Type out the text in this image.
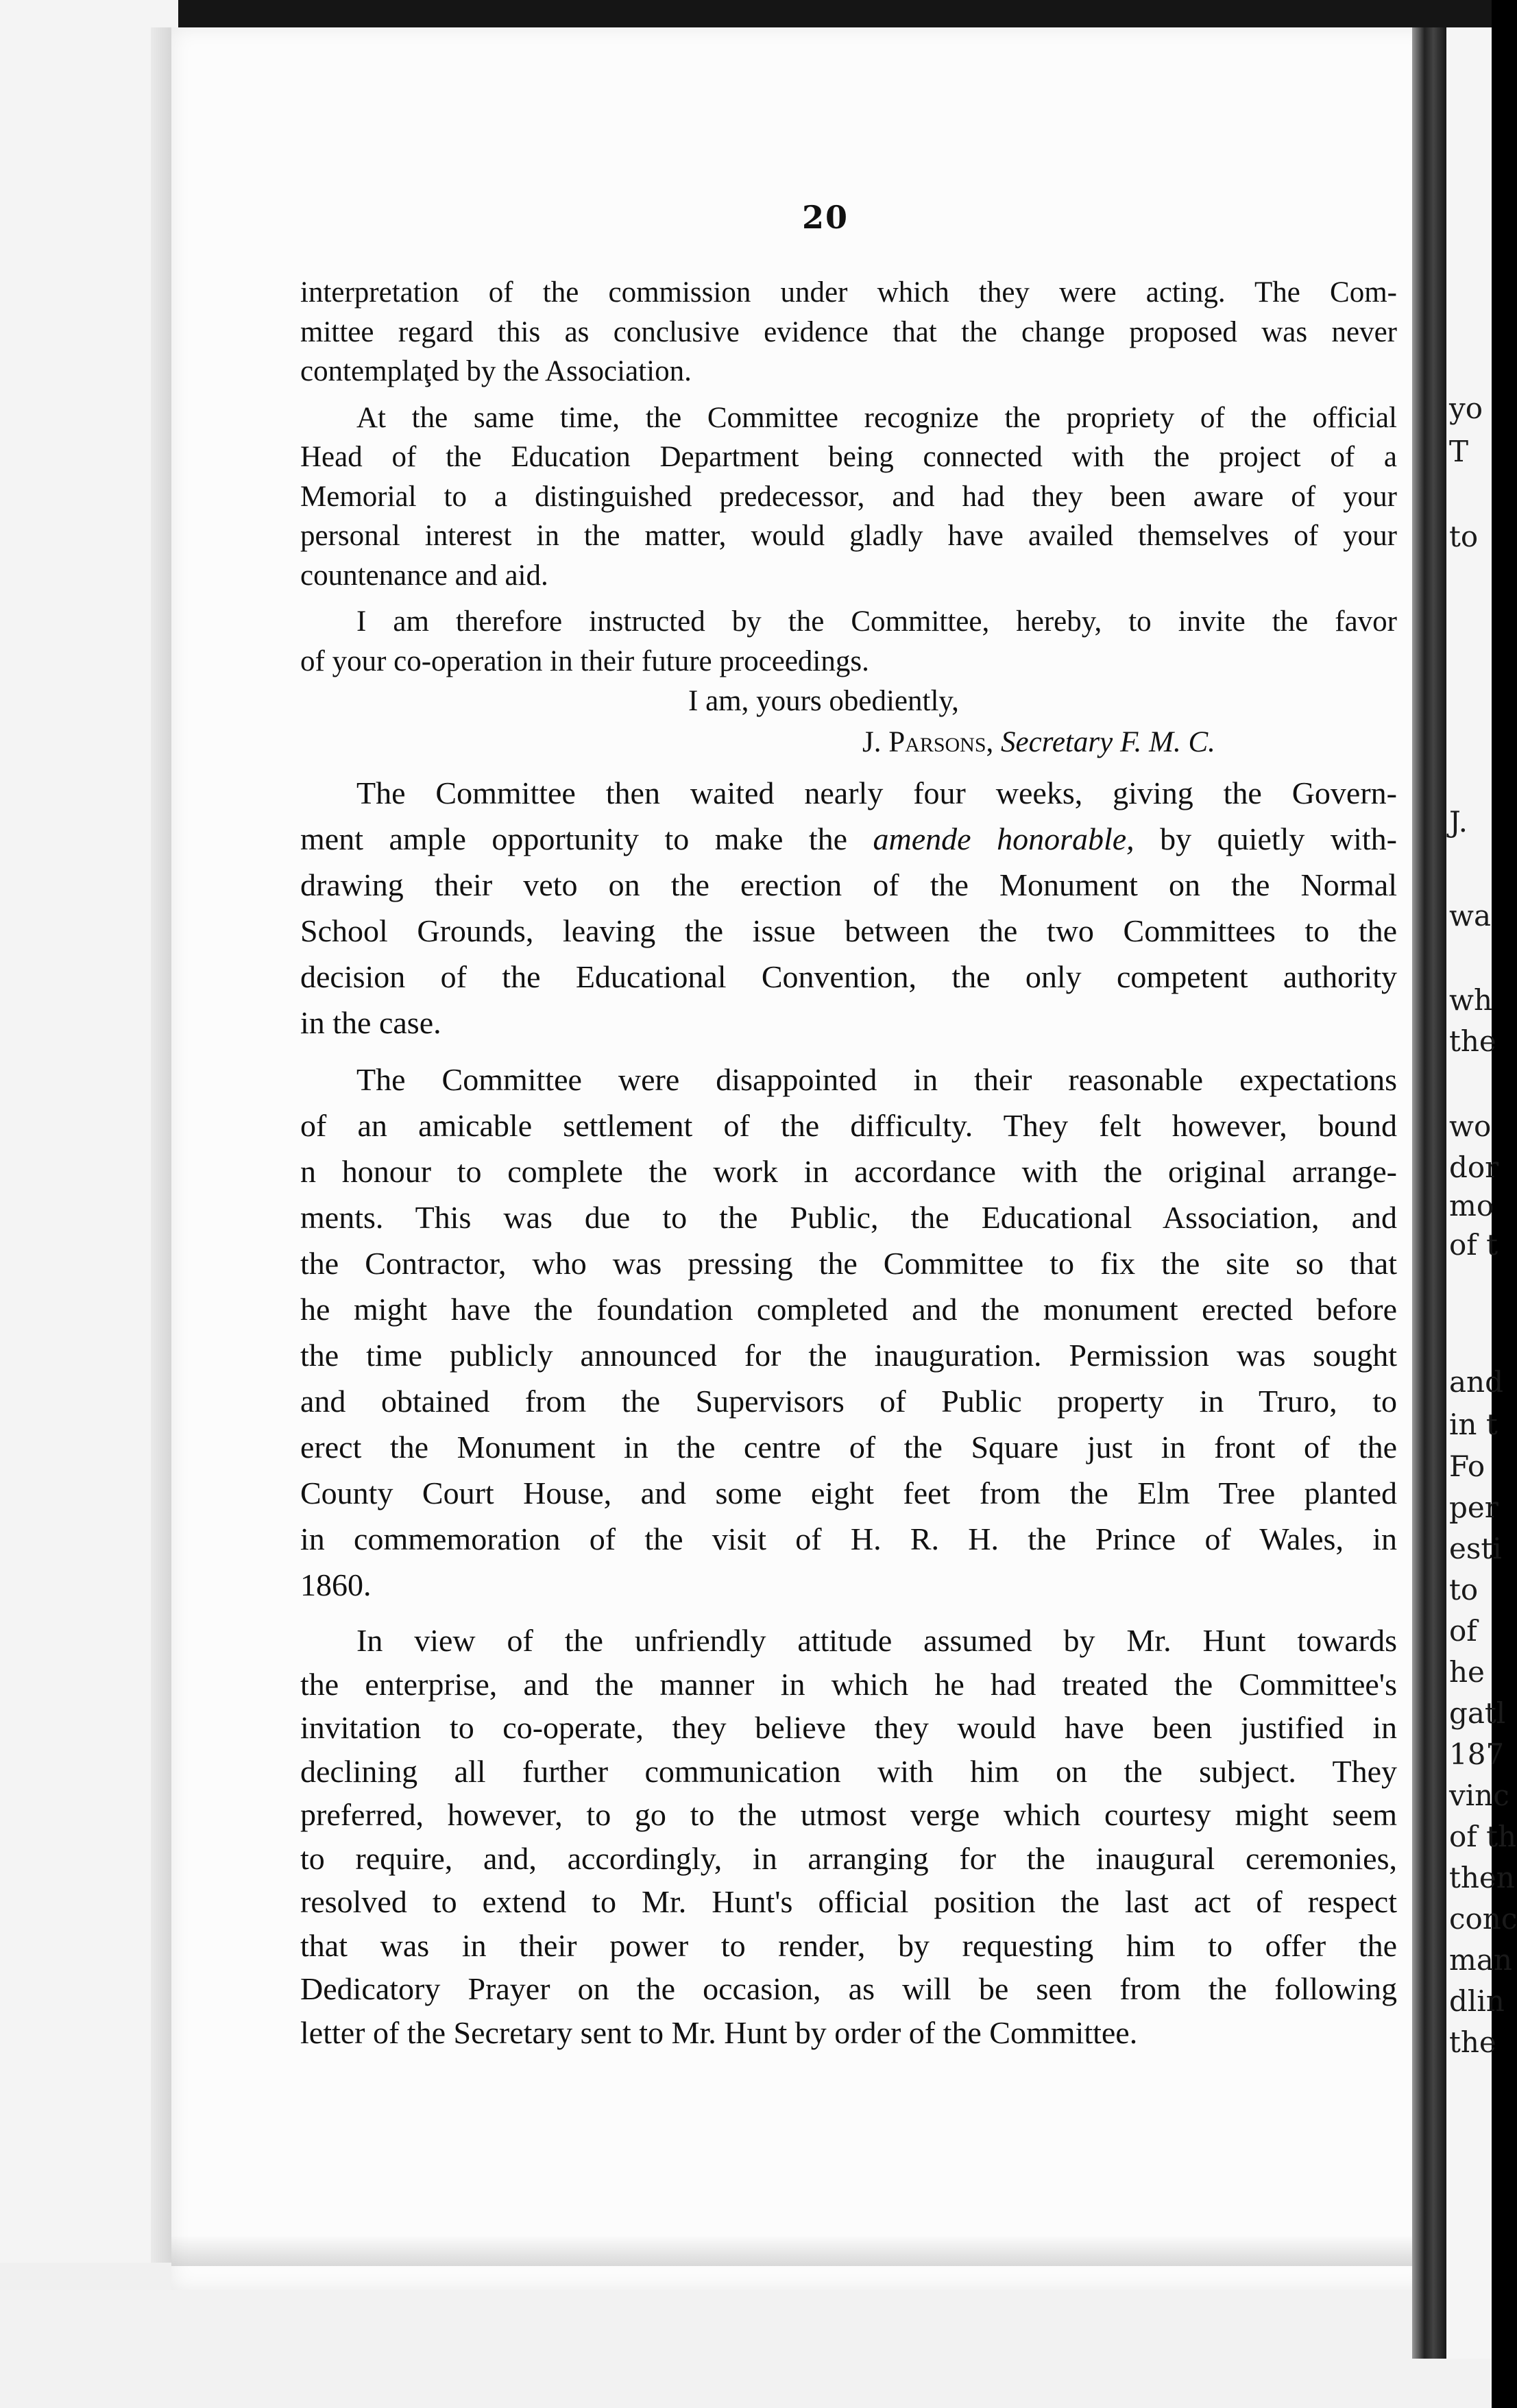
yo
T
to
J.
wa
wh
the
wo
dor
mo
of t
and
in t
Fo
per
esti
to
of
he
gatl
187
vinc
of th
then
conc
man
dlin
the
20
interpretation of the commission under which they were acting. The Com-
mittee regard this as conclusive evidence that the change proposed was never
contemplaţed by the Association.
At the same time, the Committee recognize the propriety of the official
Head of the Education Department being connected with the project of a
Memorial to a distinguished predecessor, and had they been aware of your
personal interest in the matter, would gladly have availed themselves of your
countenance and aid.
I am therefore instructed by the Committee, hereby, to invite the favor
of your co-operation in their future proceedings.
I am, yours obediently,
J. Parsons, Secretary F. M. C.
The Committee then waited nearly four weeks, giving the Govern-
ment ample opportunity to make the amende honorable, by quietly with-
drawing their veto on the erection of the Monument on the Normal
School Grounds, leaving the issue between the two Committees to the
decision of the Educational Convention, the only competent authority
in the case.
The Committee were disappointed in their reasonable expectations
of an amicable settlement of the difficulty. They felt however, bound
n honour to complete the work in accordance with the original arrange-
ments. This was due to the Public, the Educational Association, and
the Contractor, who was pressing the Committee to fix the site so that
he might have the foundation completed and the monument erected before
the time publicly announced for the inauguration. Permission was sought
and obtained from the Supervisors of Public property in Truro, to
erect the Monument in the centre of the Square just in front of the
County Court House, and some eight feet from the Elm Tree planted
in commemoration of the visit of H. R. H. the Prince of Wales, in
1860.
In view of the unfriendly attitude assumed by Mr. Hunt towards
the enterprise, and the manner in which he had treated the Committee's
invitation to co-operate, they believe they would have been justified in
declining all further communication with him on the subject. They
preferred, however, to go to the utmost verge which courtesy might seem
to require, and, accordingly, in arranging for the inaugural ceremonies,
resolved to extend to Mr. Hunt's official position the last act of respect
that was in their power to render, by requesting him to offer the
Dedicatory Prayer on the occasion, as will be seen from the following
letter of the Secretary sent to Mr. Hunt by order of the Committee.
